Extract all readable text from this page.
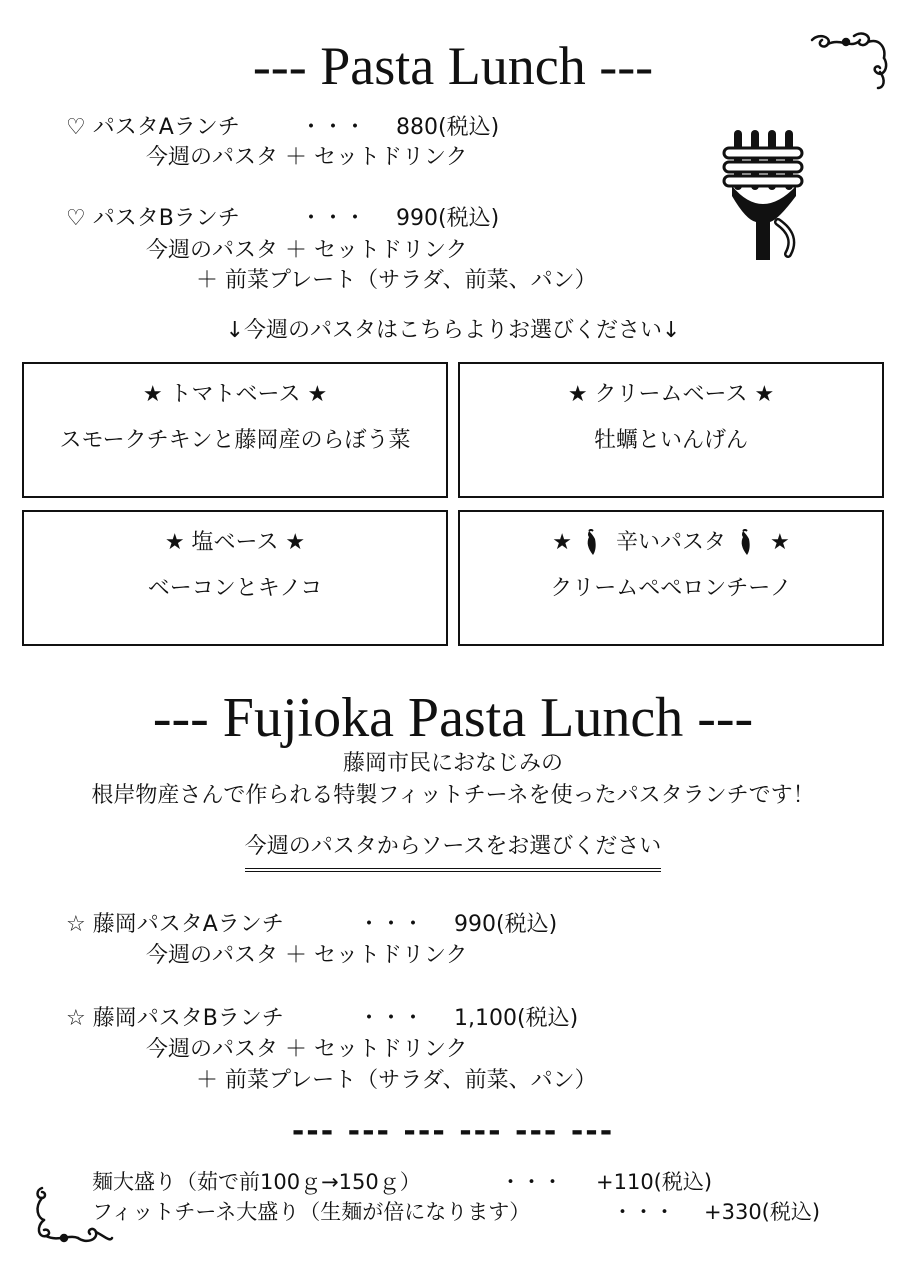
--- Pasta Lunch ---
♡ パスタAランチ	・・・ 880(税込)
今週のパスタ ＋ セットドリンク
♡ パスタBランチ	・・・ 990(税込)
今週のパスタ ＋ セットドリンク
＋ 前菜プレート（サラダ、前菜、パン）
↓今週のパスタはこちらよりお選びください↓
★ トマトベース ★
スモークチキンと藤岡産のらぼう菜
★ クリームベース ★
牡蠣といんげん
★ 塩ベース ★
ベーコンとキノコ
★ 辛いパスタ ★
クリームペペロンチーノ
--- Fujioka Pasta Lunch ---
藤岡市民におなじみの
根岸物産さんで作られる特製フィットチーネを使ったパスタランチです！
今週のパスタからソースをお選びください
☆ 藤岡パスタAランチ	・・・ 990(税込)
今週のパスタ ＋ セットドリンク
☆ 藤岡パスタBランチ	・・・ 1,100(税込)
今週のパスタ ＋ セットドリンク
＋ 前菜プレート（サラダ、前菜、パン）
--- --- --- --- --- ---
麺大盛り（茹で前100ｇ→150ｇ）	・・・ +110(税込)
フィットチーネ大盛り（生麺が倍になります）	・・・ +330(税込)
